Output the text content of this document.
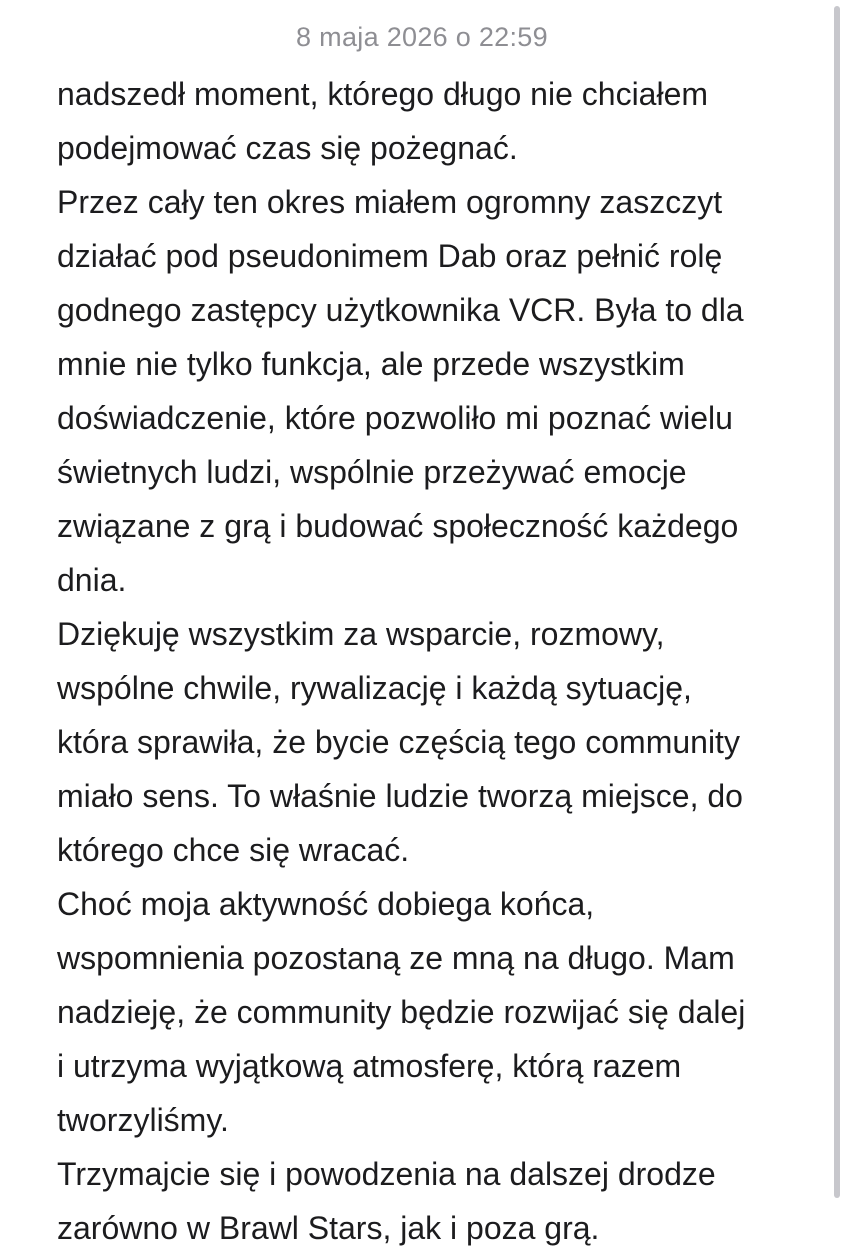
8 maja 2026 o 22:59
nadszedł moment, którego długo nie chciałem
podejmować czas się pożegnać.
Przez cały ten okres miałem ogromny zaszczyt
działać pod pseudonimem Dab oraz pełnić rolę
godnego zastępcy użytkownika VCR. Była to dla
mnie nie tylko funkcja, ale przede wszystkim
doświadczenie, które pozwoliło mi poznać wielu
świetnych ludzi, wspólnie przeżywać emocje
związane z grą i budować społeczność każdego
dnia.
Dziękuję wszystkim za wsparcie, rozmowy,
wspólne chwile, rywalizację i każdą sytuację,
która sprawiła, że bycie częścią tego community
miało sens. To właśnie ludzie tworzą miejsce, do
którego chce się wracać.
Choć moja aktywność dobiega końca,
wspomnienia pozostaną ze mną na długo. Mam
nadzieję, że community będzie rozwijać się dalej
i utrzyma wyjątkową atmosferę, którą razem
tworzyliśmy.
Trzymajcie się i powodzenia na dalszej drodze
zarówno w Brawl Stars, jak i poza grą.
